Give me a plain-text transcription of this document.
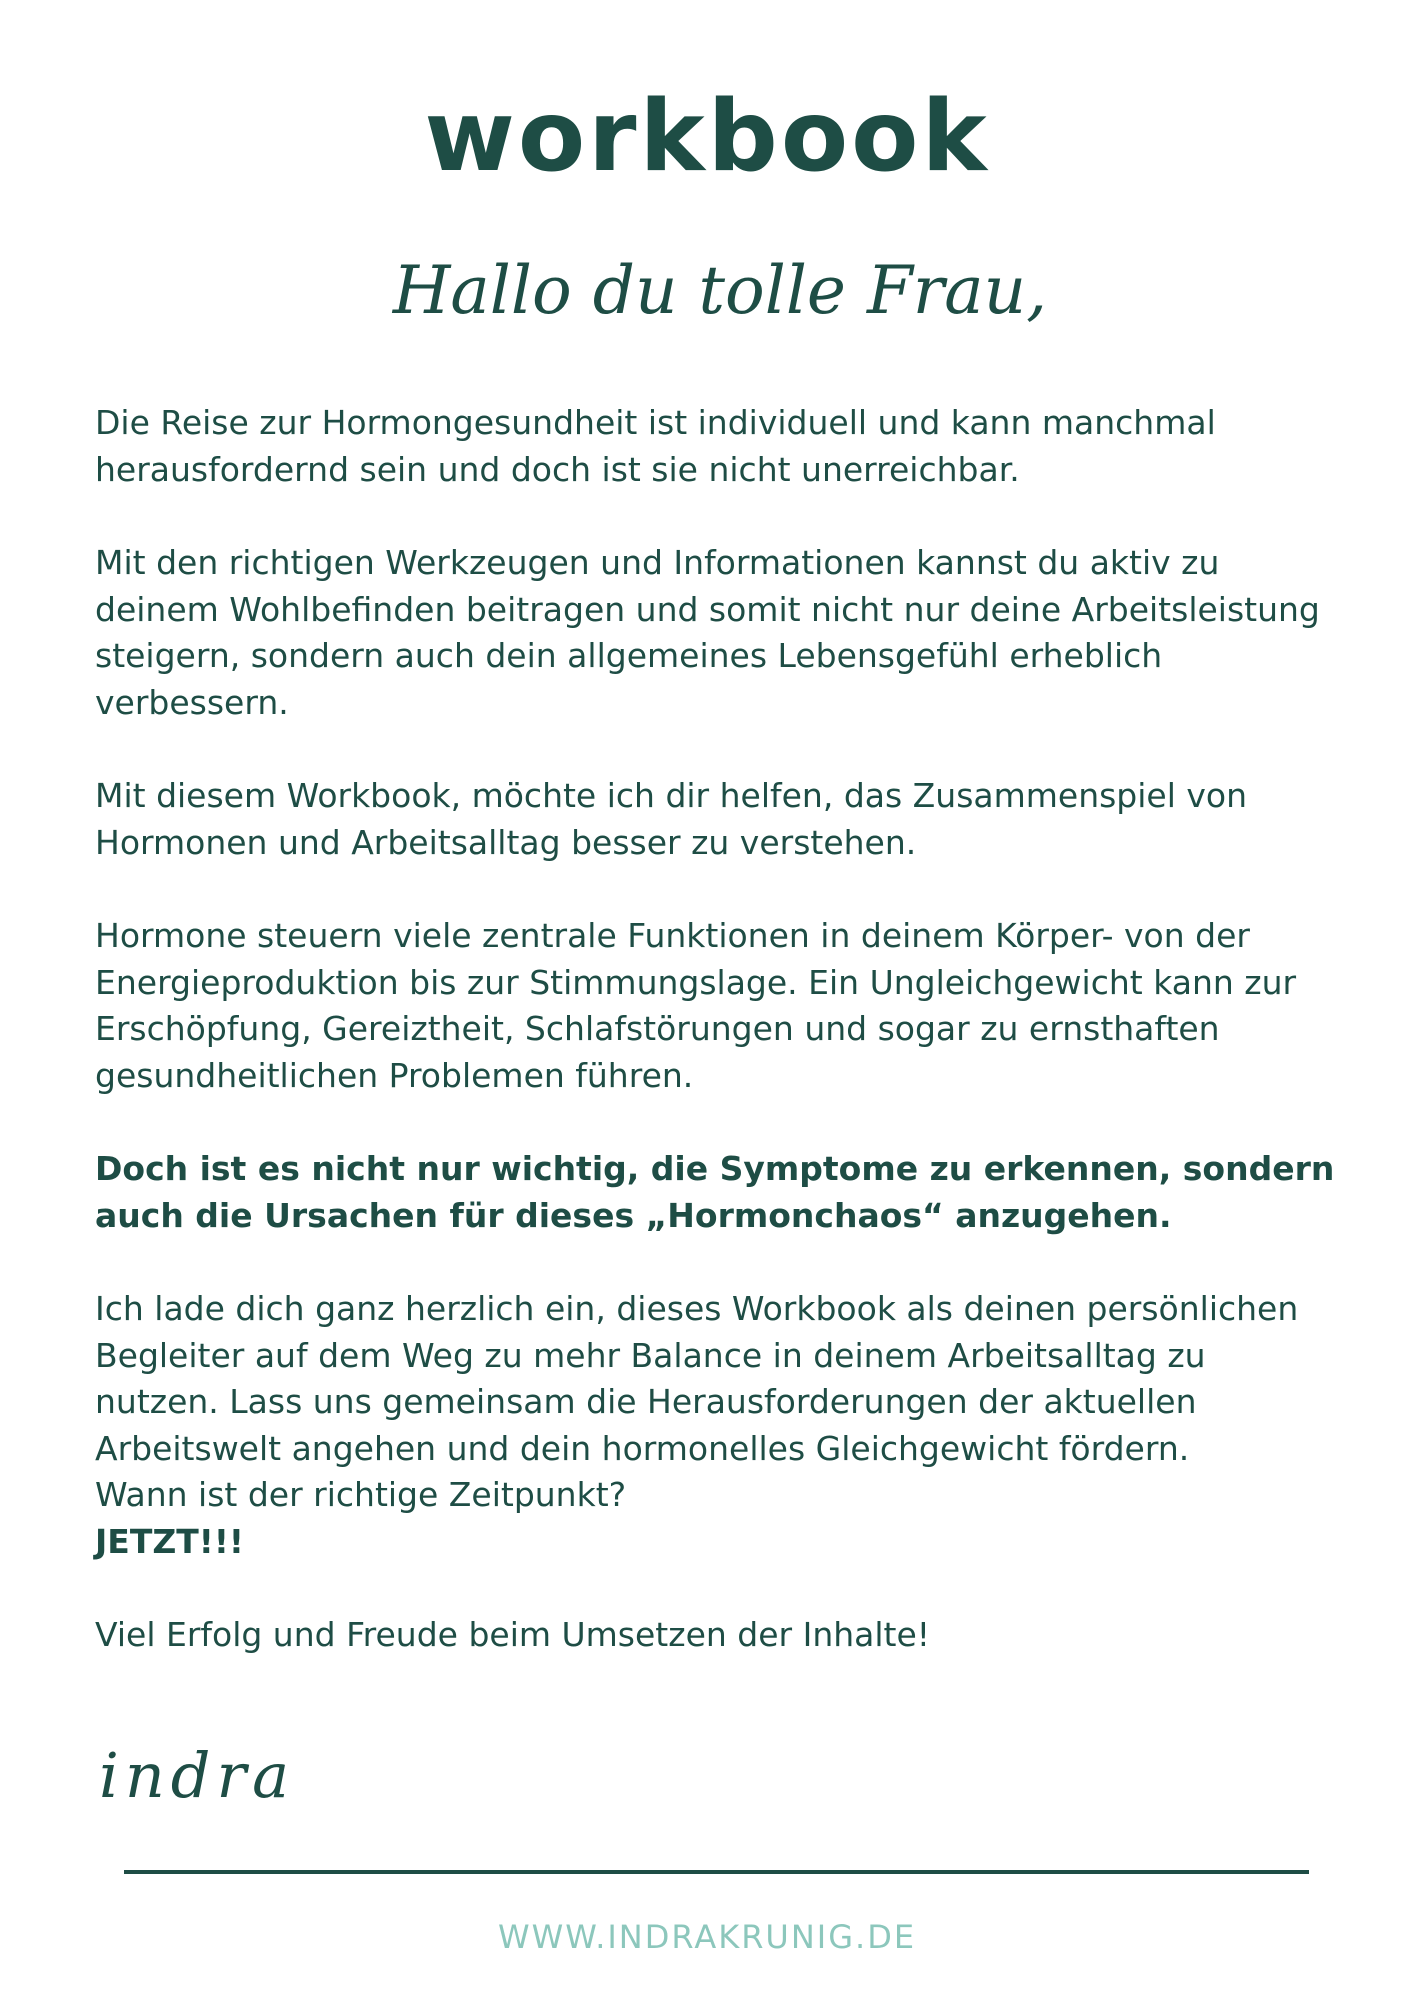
workbook
Hallo du tolle Frau,

Die Reise zur Hormongesundheit ist individuell und kann manchmal herausfordernd sein und doch ist sie nicht unerreichbar.

Mit den richtigen Werkzeugen und Informationen kannst du aktiv zu deinem Wohlbefinden beitragen und somit nicht nur deine Arbeitsleistung steigern, sondern auch dein allgemeines Lebensgefühl erheblich verbessern.

Mit diesem Workbook, möchte ich dir helfen, das Zusammenspiel von Hormonen und Arbeitsalltag besser zu verstehen.

Hormone steuern viele zentrale Funktionen in deinem Körper- von der Energieproduktion bis zur Stimmungslage. Ein Ungleichgewicht kann zur Erschöpfung, Gereiztheit, Schlafstörungen und sogar zu ernsthaften gesundheitlichen Problemen führen.

Doch ist es nicht nur wichtig, die Symptome zu erkennen, sondern auch die Ursachen für dieses „Hormonchaos“ anzugehen.

Ich lade dich ganz herzlich ein, dieses Workbook als deinen persönlichen Begleiter auf dem Weg zu mehr Balance in deinem Arbeitsalltag zu nutzen. Lass uns gemeinsam die Herausforderungen der aktuellen Arbeitswelt angehen und dein hormonelles Gleichgewicht fördern.

Wann ist der richtige Zeitpunkt?

JETZT!!!

Viel Erfolg und Freude beim Umsetzen der Inhalte!

indra
WWW.INDRAKRUNIG.DE
